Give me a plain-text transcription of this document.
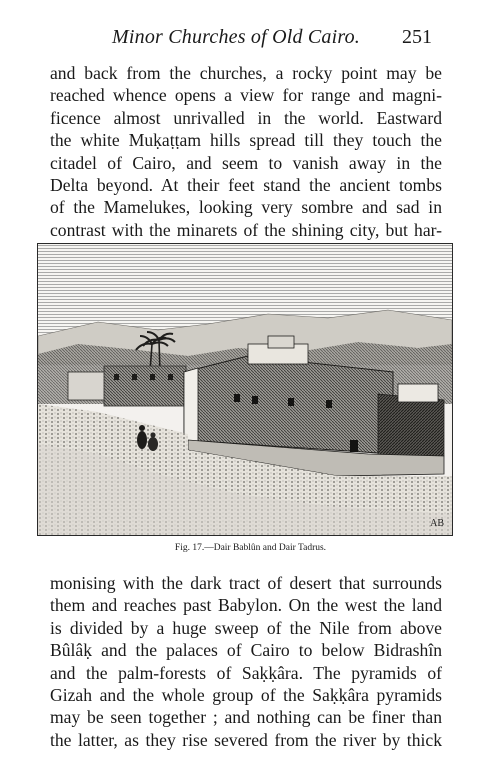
Minor Churches of Old Cairo. 251
and back from the churches, a rocky point may be
reached whence opens a view for range and magni-
ficence almost unrivalled in the world. Eastward
the white Muḳaṭṭam hills spread till they touch the
citadel of Cairo, and seem to vanish away in the
Delta beyond. At their feet stand the ancient tombs
of the Mamelukes, looking very sombre and sad in
contrast with the minarets of the shining city, but har-
AB
Fig. 17.—Dair Bablûn and Dair Tadrus.
monising with the dark tract of desert that surrounds
them and reaches past Babylon. On the west the land
is divided by a huge sweep of the Nile from above
Bûlâḳ and the palaces of Cairo to below Bidrashîn
and the palm-forests of Saḳḳâra. The pyramids of
Gizah and the whole group of the Saḳḳâra pyramids
may be seen together ; and nothing can be finer than
the latter, as they rise severed from the river by thick
